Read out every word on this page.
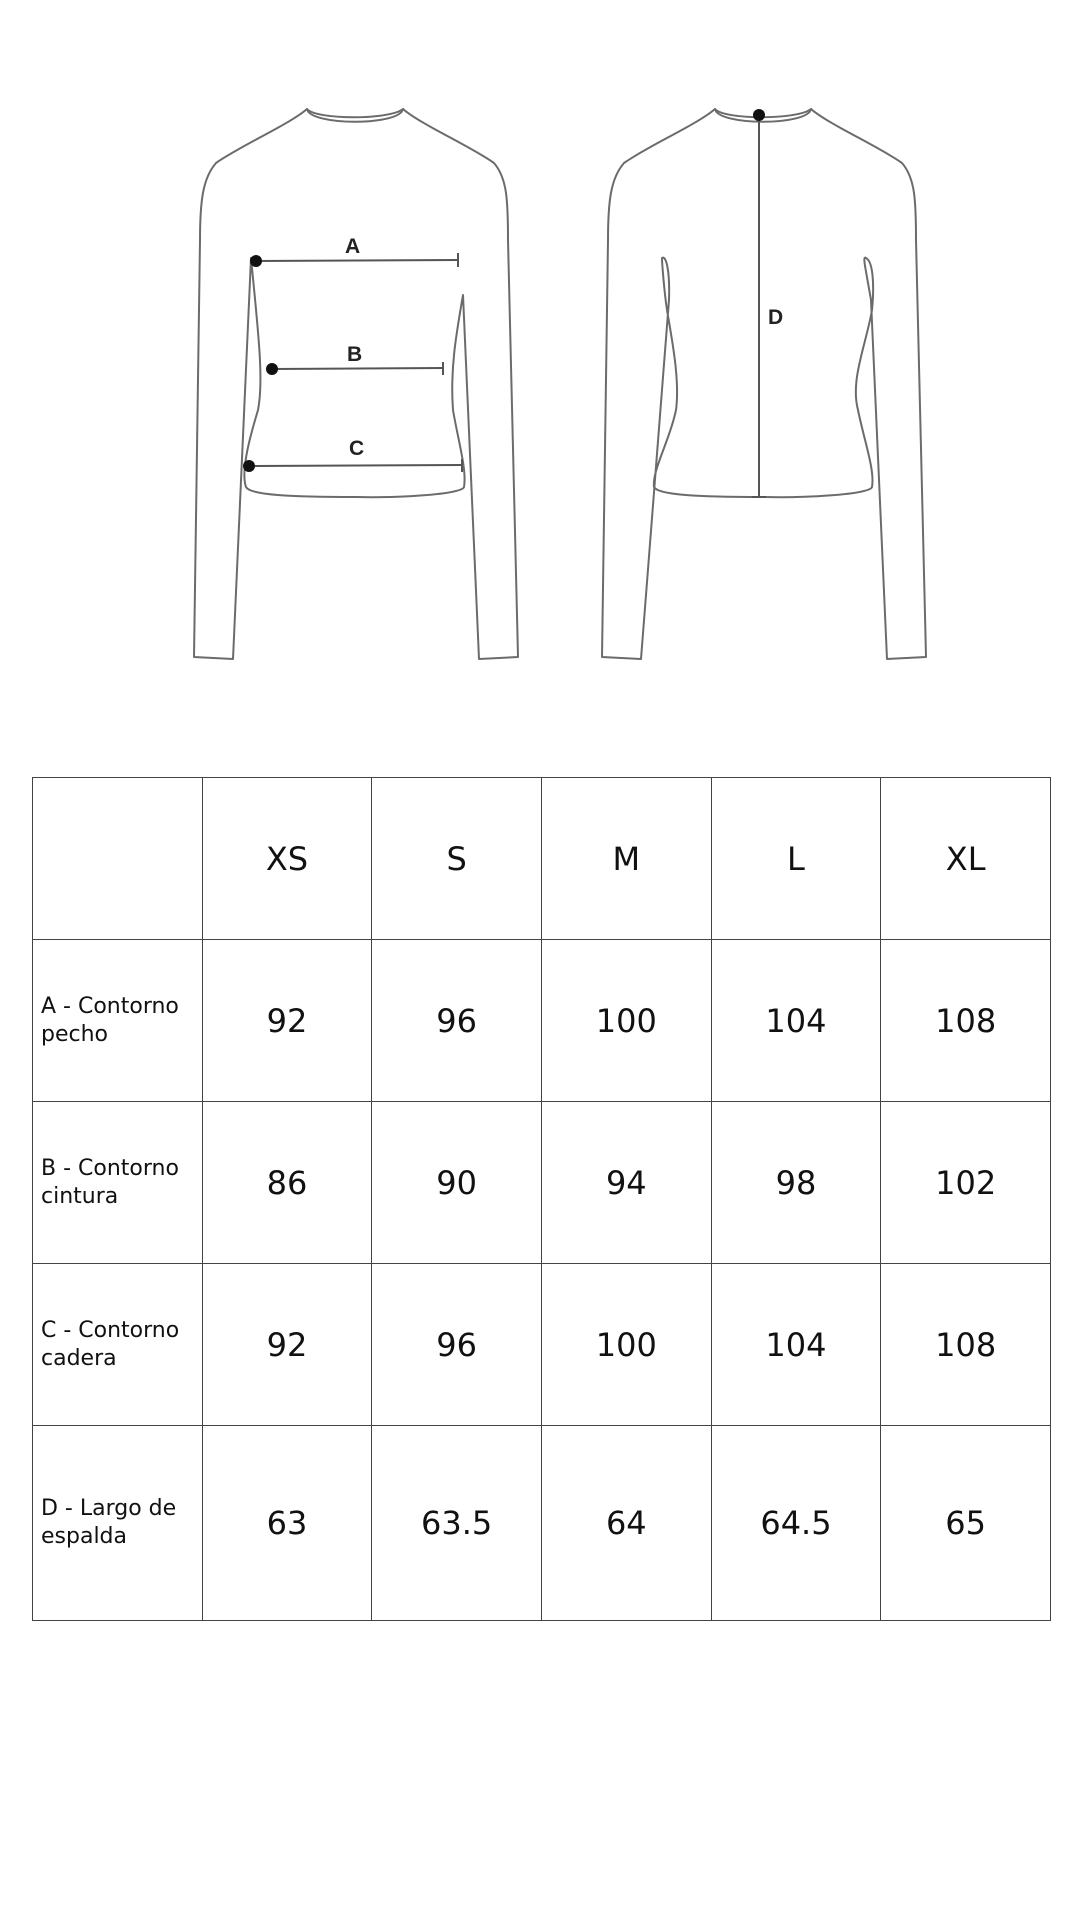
A
B
C
D
	XS	S	M	L	XL
A - Contorno pecho	92	96	100	104	108
B - Contorno cintura	86	90	94	98	102
C - Contorno cadera	92	96	100	104	108
D - Largo de espalda	63	63.5	64	64.5	65
